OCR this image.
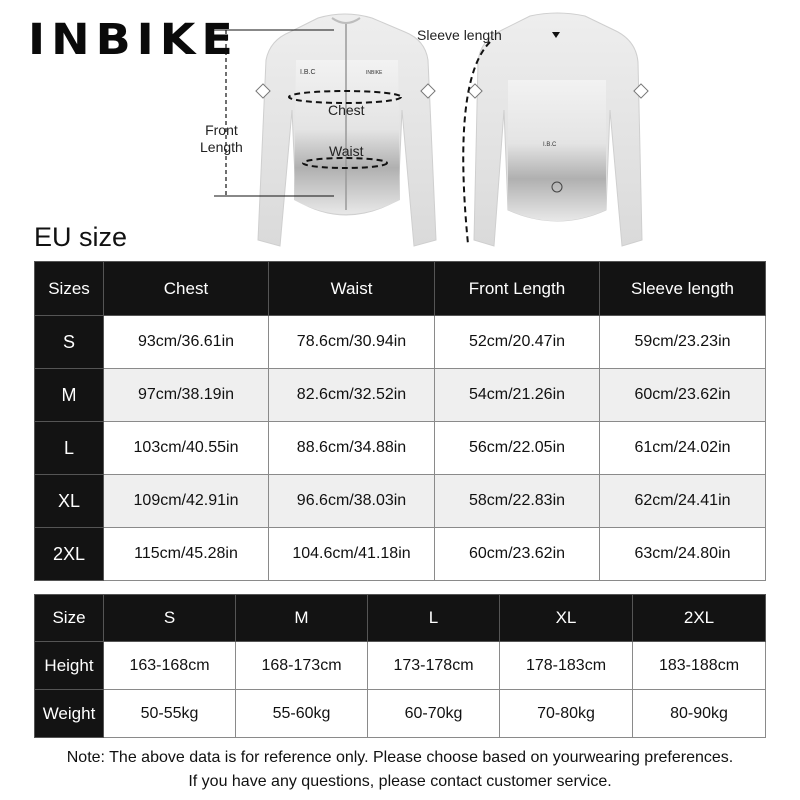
INBIKE
I.B.C	INBIKE
I.B.C
Sleeve length
Chest
Waist
Front
Length
EU size
Sizes	Chest	Waist	Front Length	Sleeve length
S	93cm/36.61in	78.6cm/30.94in	52cm/20.47in	59cm/23.23in
M	97cm/38.19in	82.6cm/32.52in	54cm/21.26in	60cm/23.62in
L	103cm/40.55in	88.6cm/34.88in	56cm/22.05in	61cm/24.02in
XL	109cm/42.91in	96.6cm/38.03in	58cm/22.83in	62cm/24.41in
2XL	115cm/45.28in	104.6cm/41.18in	60cm/23.62in	63cm/24.80in
Size	S	M	L	XL	2XL
Height	163-168cm	168-173cm	173-178cm	178-183cm	183-188cm
Weight	50-55kg	55-60kg	60-70kg	70-80kg	80-90kg
Note: The above data is for reference only. Please choose based on yourwearing preferences.
If you have any questions, please contact customer service.
